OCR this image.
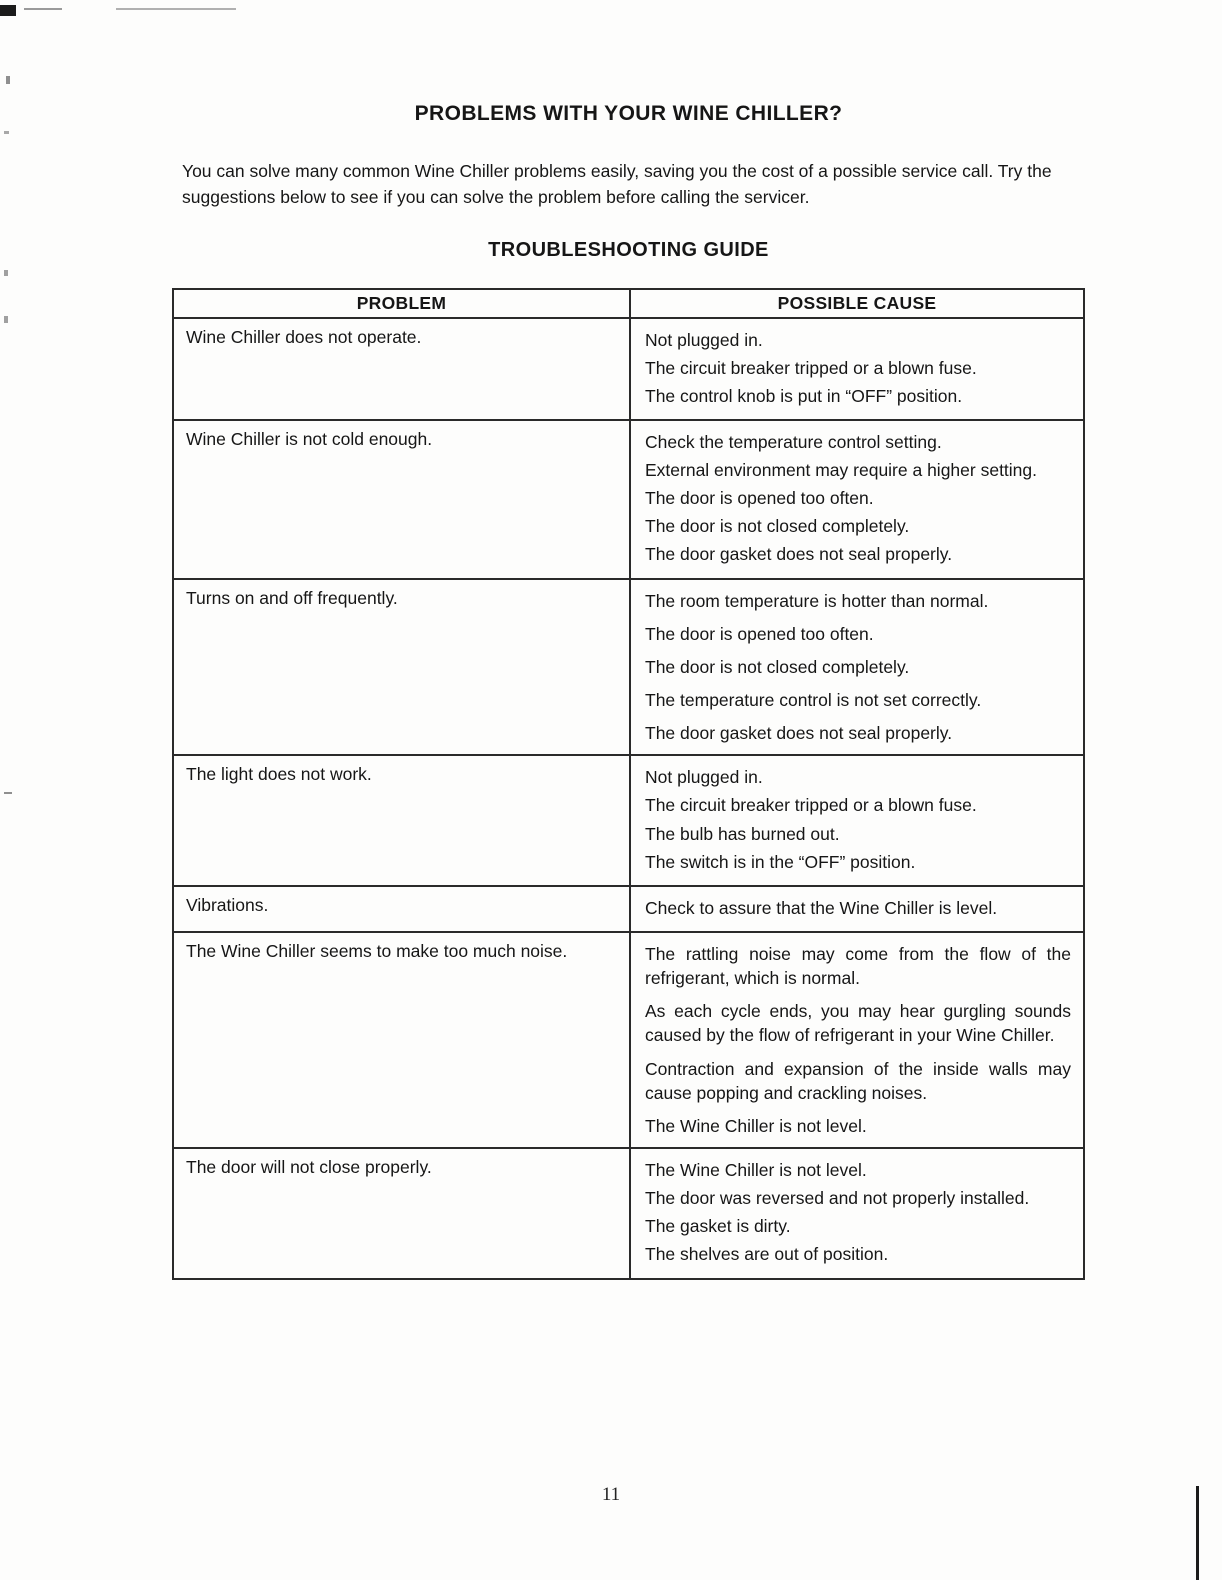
PROBLEMS WITH YOUR WINE CHILLER?

You can solve many common Wine Chiller problems easily, saving you the cost of a possible service call. Try the suggestions below to see if you can solve the problem before calling the servicer.

TROUBLESHOOTING GUIDE
PROBLEM	POSSIBLE CAUSE
Wine Chiller does not operate.	Not plugged in.
The circuit breaker tripped or a blown fuse.
The control knob is put in “OFF” position.

Wine Chiller is not cold enough.	Check the temperature control setting.
External environment may require a higher setting.
The door is opened too often.
The door is not closed completely.
The door gasket does not seal properly.

Turns on and off frequently.	The room temperature is hotter than normal.
The door is opened too often.
The door is not closed completely.
The temperature control is not set correctly.
The door gasket does not seal properly.

The light does not work.	Not plugged in.
The circuit breaker tripped or a blown fuse.
The bulb has burned out.
The switch is in the “OFF” position.

Vibrations.	Check to assure that the Wine Chiller is level.

The Wine Chiller seems to make too much noise.	The rattling noise may come from the flow of the refrigerant, which is normal.
As each cycle ends, you may hear gurgling sounds caused by the flow of refrigerant in your Wine Chiller.
Contraction and expansion of the inside walls may cause popping and crackling noises.
The Wine Chiller is not level.

The door will not close properly.	The Wine Chiller is not level.
The door was reversed and not properly installed.
The gasket is dirty.
The shelves are out of position.
11
